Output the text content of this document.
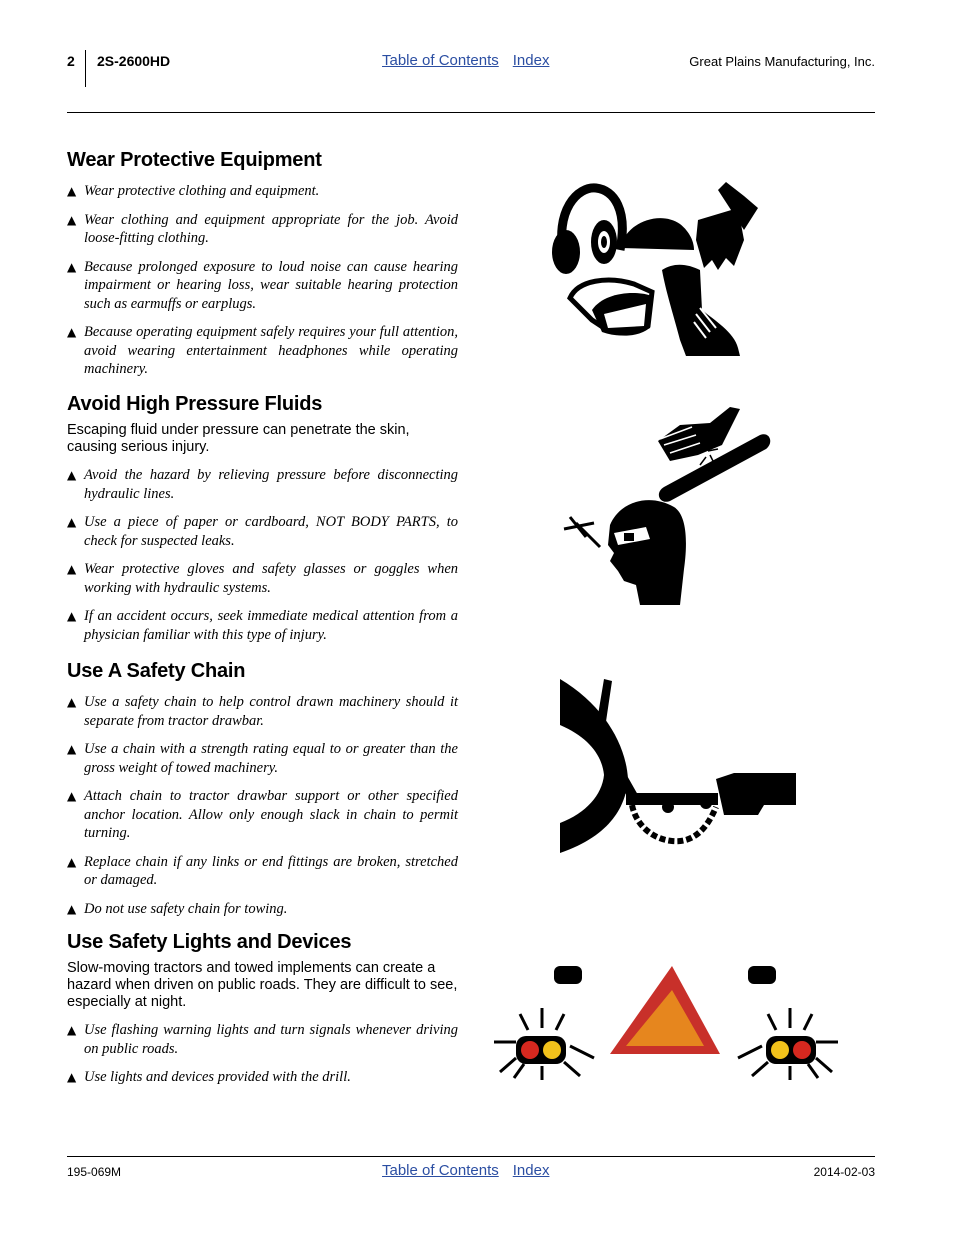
2 2S-2600HD	Table of Contents Index	Great Plains Manufacturing, Inc.
Wear Protective Equipment
▲ Wear protective clothing and equipment.
▲ Wear clothing and equipment appropriate for the job. Avoid loose-fitting clothing.
▲ Because prolonged exposure to loud noise can cause hearing impairment or hearing loss, wear suitable hearing protection such as earmuffs or earplugs.
▲ Because operating equipment safely requires your full attention, avoid wearing entertainment headphones while operating machinery.
Avoid High Pressure Fluids

Escaping fluid under pressure can penetrate the skin, causing serious injury.

▲ Avoid the hazard by relieving pressure before disconnecting hydraulic lines.
▲ Use a piece of paper or cardboard, NOT BODY PARTS, to check for suspected leaks.
▲ Wear protective gloves and safety glasses or goggles when working with hydraulic systems.
▲ If an accident occurs, seek immediate medical attention from a physician familiar with this type of injury.
Use A Safety Chain
▲ Use a safety chain to help control drawn machinery should it separate from tractor drawbar.
▲ Use a chain with a strength rating equal to or greater than the gross weight of towed machinery.
▲ Attach chain to tractor drawbar support or other specified anchor location. Allow only enough slack in chain to permit turning.
▲ Replace chain if any links or end fittings are broken, stretched or damaged.
▲ Do not use safety chain for towing.
Use Safety Lights and Devices

Slow-moving tractors and towed implements can create a hazard when driven on public roads. They are difficult to see, especially at night.

▲ Use flashing warning lights and turn signals whenever driving on public roads.
▲ Use lights and devices provided with the drill.
195-069M	Table of Contents Index	2014-02-03
